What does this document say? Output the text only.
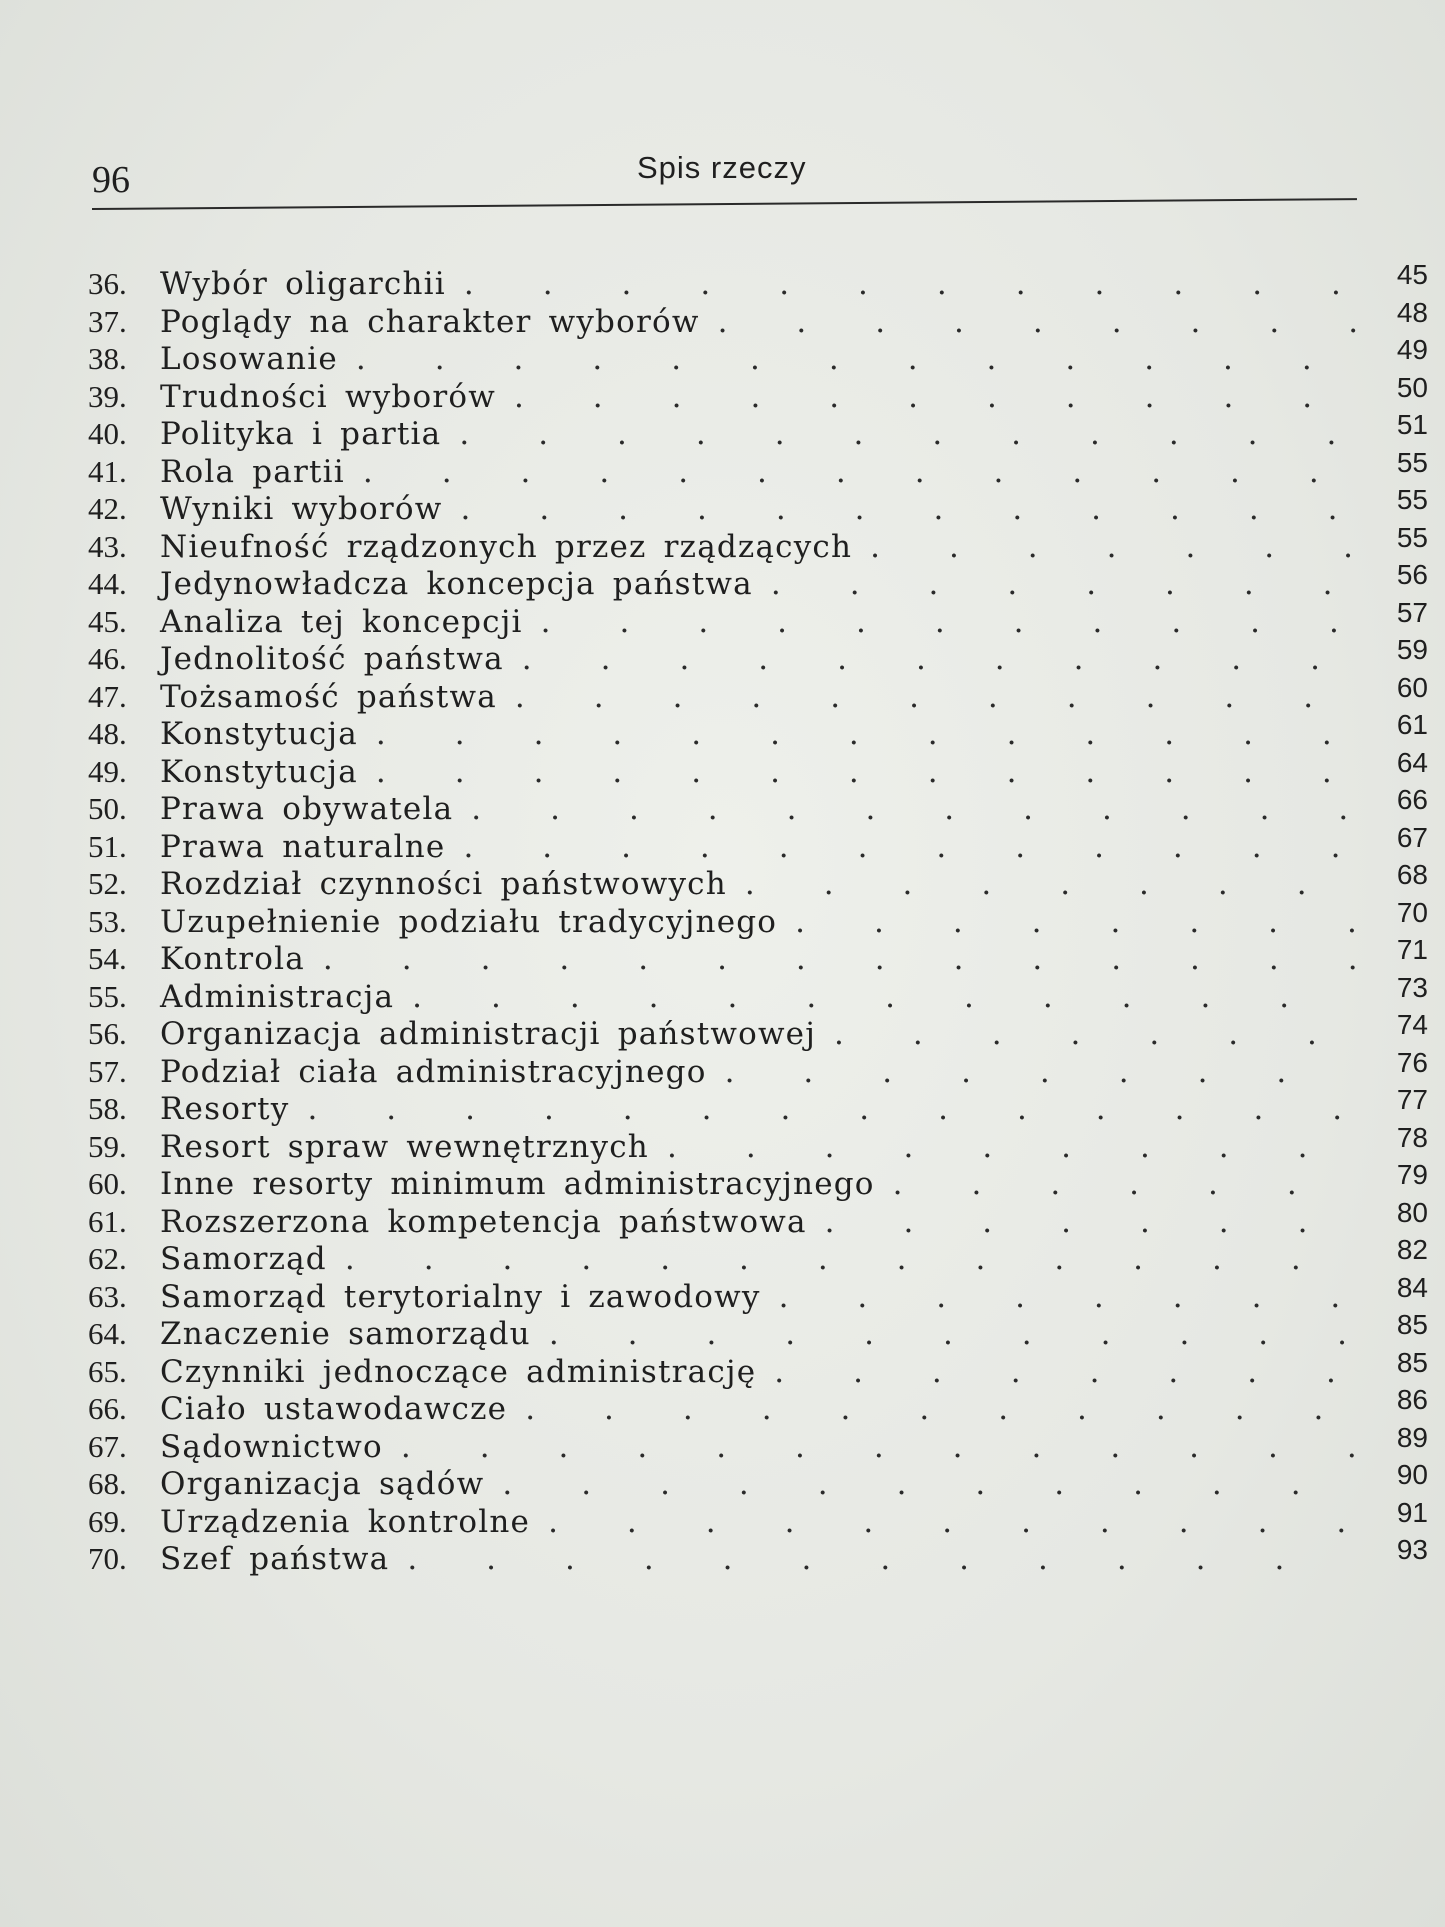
96	Spis rzeczy
36.	Wybór oligarchii .	45
37.	Poglądy na charakter wyborów .	48
38.	Losowanie .	49
39.	Trudności wyborów .	50
40.	Polityka i partia .	51
41.	Rola partii .	55
42.	Wyniki wyborów .	55
43.	Nieufność rządzonych przez rządzących .	55
44.	Jedynowładcza koncepcja państwa .	56
45.	Analiza tej koncepcji .	57
46.	Jednolitość państwa .	59
47.	Tożsamość państwa .	60
48.	Konstytucja .	61
49.	Konstytucja .	64
50.	Prawa obywatela .	66
51.	Prawa naturalne .	67
52.	Rozdział czynności państwowych .	68
53.	Uzupełnienie podziału tradycyjnego .	70
54.	Kontrola .	71
55.	Administracja .	73
56.	Organizacja administracji państwowej .	74
57.	Podział ciała administracyjnego .	76
58.	Resorty .	77
59.	Resort spraw wewnętrznych .	78
60.	Inne resorty minimum administracyjnego .	79
61.	Rozszerzona kompetencja państwowa .	80
62.	Samorząd .	82
63.	Samorząd terytorialny i zawodowy .	84
64.	Znaczenie samorządu .	85
65.	Czynniki jednoczące administrację .	85
66.	Ciało ustawodawcze .	86
67.	Sądownictwo .	89
68.	Organizacja sądów .	90
69.	Urządzenia kontrolne .	91
70.	Szef państwa .	93
